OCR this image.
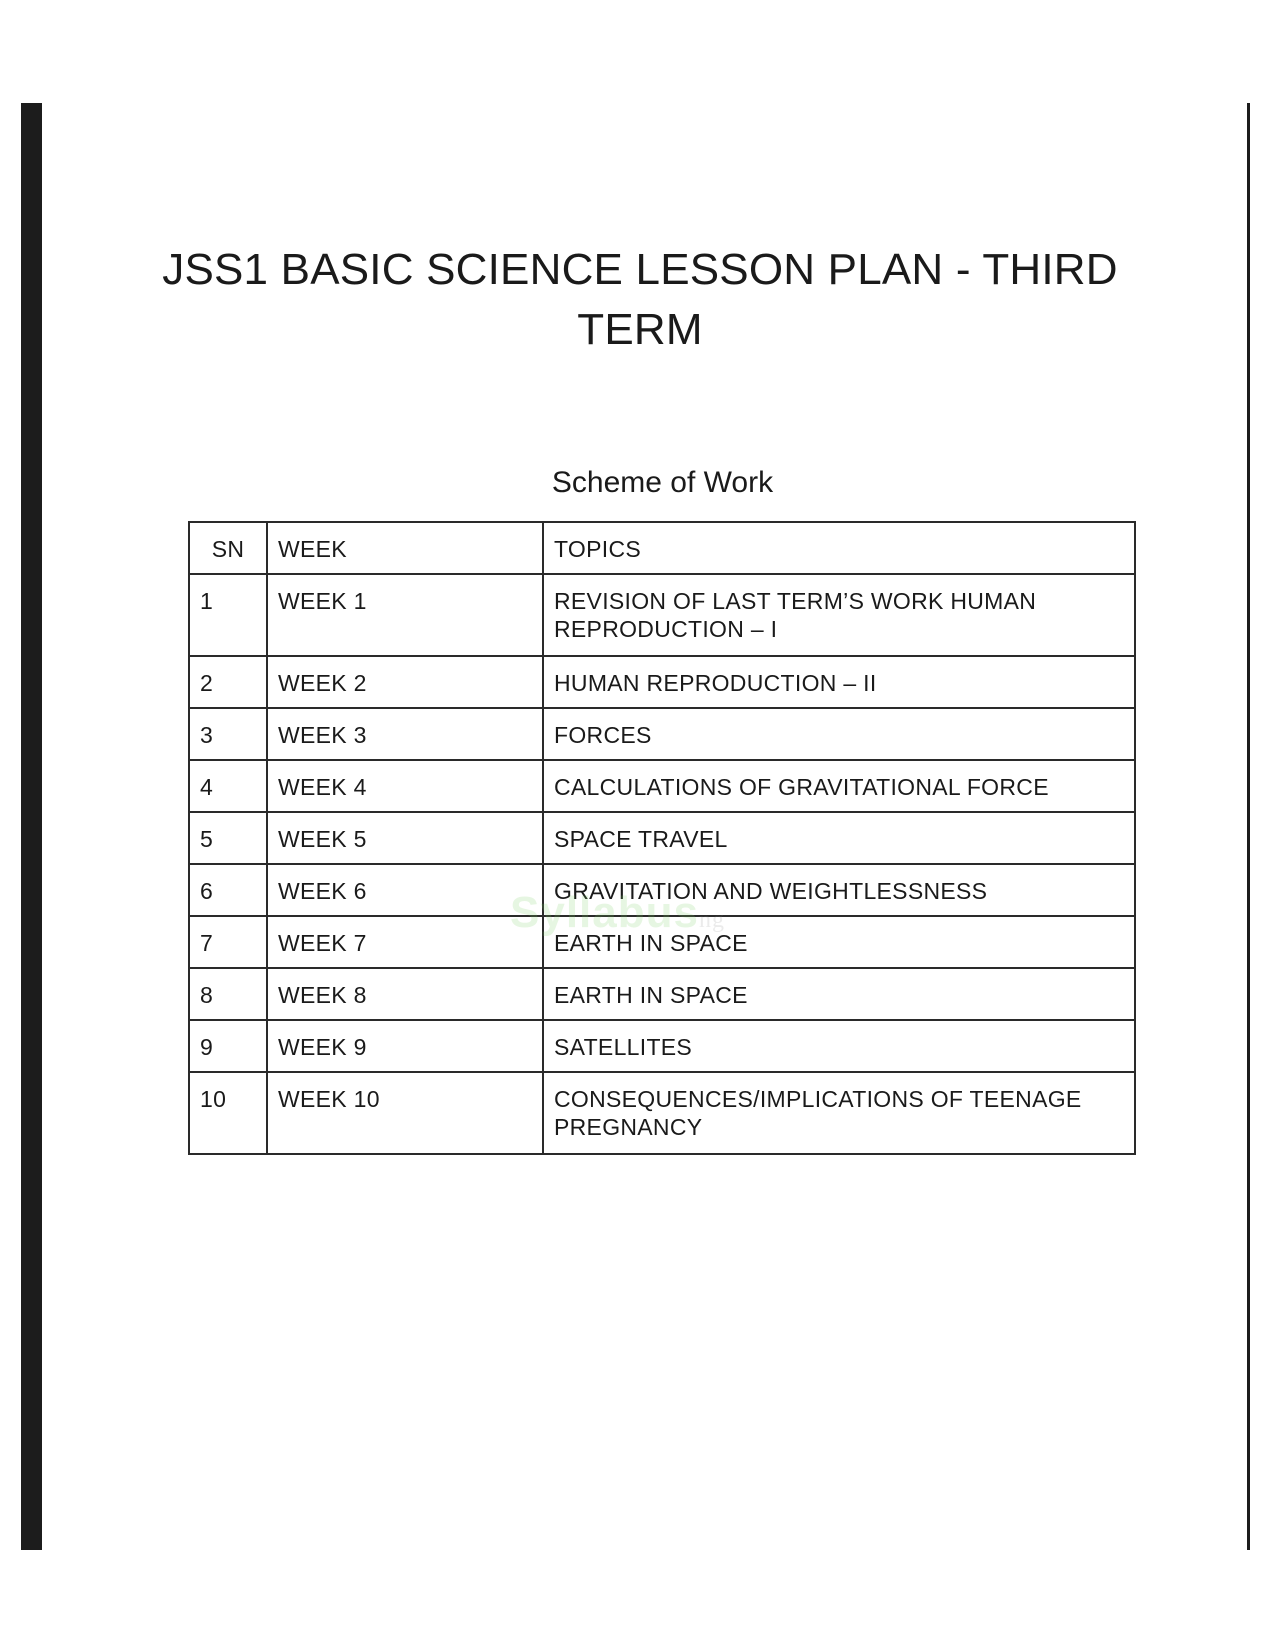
JSS1 BASIC SCIENCE LESSON PLAN - THIRD TERM
Scheme of Work
SN	WEEK	TOPICS
1	WEEK 1	REVISION OF LAST TERM’S WORK HUMAN REPRODUCTION – I
2	WEEK 2	HUMAN REPRODUCTION – II
3	WEEK 3	FORCES
4	WEEK 4	CALCULATIONS OF GRAVITATIONAL FORCE
5	WEEK 5	SPACE TRAVEL
6	WEEK 6	GRAVITATION AND WEIGHTLESSNESS
7	WEEK 7	EARTH IN SPACE
8	WEEK 8	EARTH IN SPACE
9	WEEK 9	SATELLITES
10	WEEK 10	CONSEQUENCES/IMPLICATIONS OF TEENAGE PREGNANCY
Syllabusng
